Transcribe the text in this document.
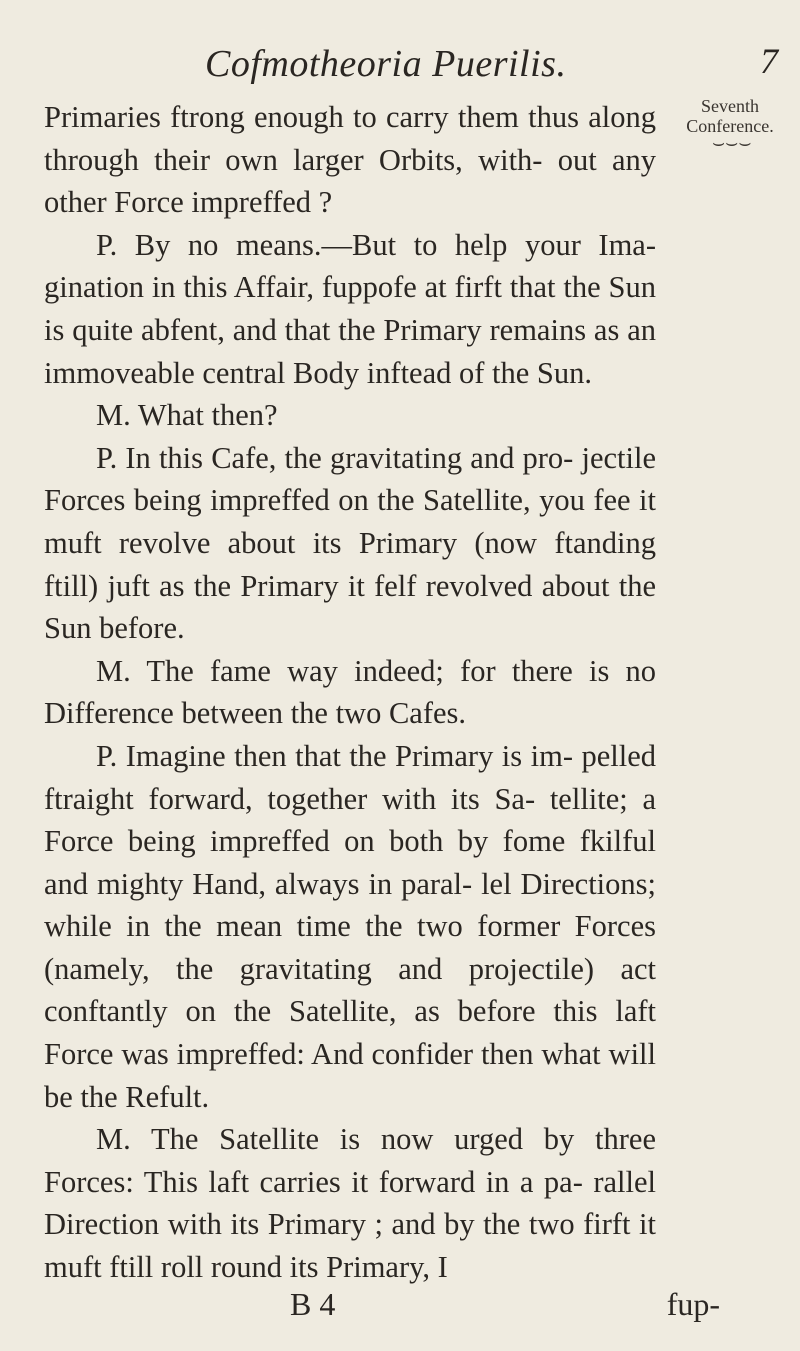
Cofmotheoria Puerilis.	7
Seventh
Conference.
⌣⌣⌣

Primaries ftrong enough to carry them thus along through their own larger Orbits, with- out any other Force impreffed ?

P. By no means.—But to help your Ima- gination in this Affair, fuppofe at firft that the Sun is quite abfent, and that the Primary remains as an immoveable central Body inftead of the Sun.

M. What then?

P. In this Cafe, the gravitating and pro- jectile Forces being impreffed on the Satellite, you fee it muft revolve about its Primary (now ftanding ftill) juft as the Primary it felf revolved about the Sun before.

M. The fame way indeed; for there is no Difference between the two Cafes.

P. Imagine then that the Primary is im- pelled ftraight forward, together with its Sa- tellite; a Force being impreffed on both by fome fkilful and mighty Hand, always in paral- lel Directions; while in the mean time the two former Forces (namely, the gravitating and projectile) act conftantly on the Satellite, as before this laft Force was impreffed: And confider then what will be the Refult.

M. The Satellite is now urged by three Forces: This laft carries it forward in a pa- rallel Direction with its Primary ; and by the two firft it muft ftill roll round its Primary, I

B 4	fup-
